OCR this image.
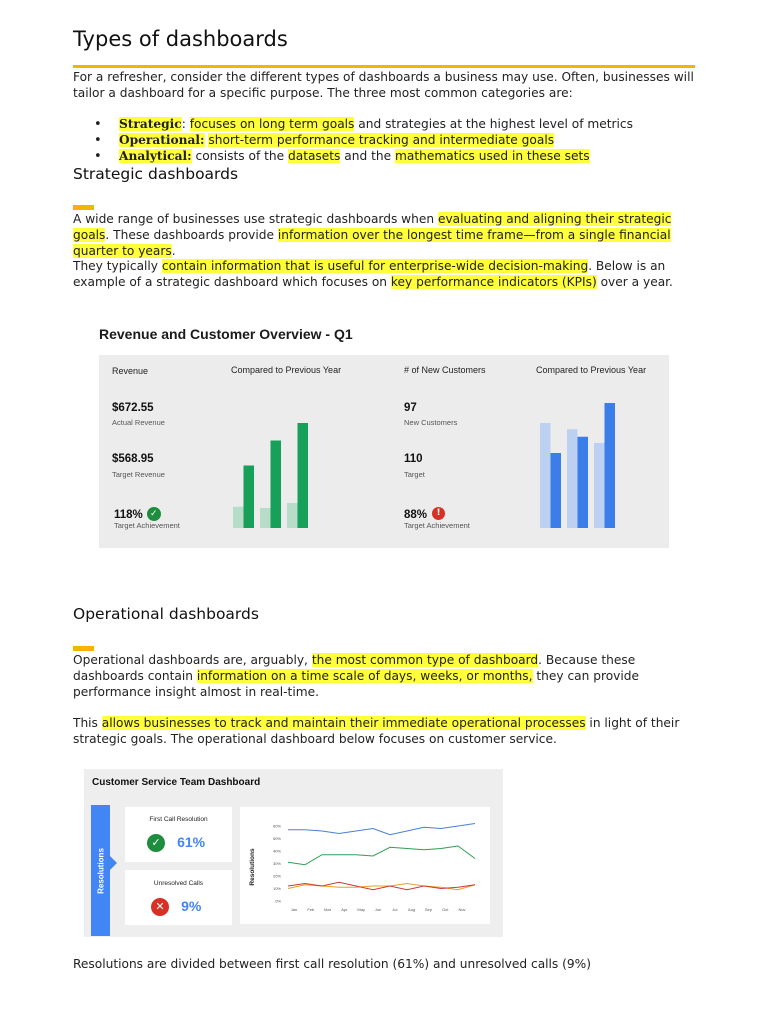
Types of dashboards
For a refresher, consider the different types of dashboards a business may use. Often, businesses will tailor a dashboard for a specific purpose. The three most common categories are:
• Strategic: focuses on long term goals and strategies at the highest level of metrics
• Operational: short-term performance tracking and intermediate goals
• Analytical: consists of the datasets and the mathematics used in these sets
Strategic dashboards
A wide range of businesses use strategic dashboards when evaluating and aligning their strategic goals. These dashboards provide information over the longest time frame—from a single financial quarter to years.
They typically contain information that is useful for enterprise-wide decision-making. Below is an example of a strategic dashboard which focuses on key performance indicators (KPIs) over a year.
Revenue and Customer Overview - Q1
Revenue	Compared to Previous Year	# of New Customers	Compared to Previous Year
$672.55
Actual Revenue
$568.95
Target Revenue
118% ✓
Target Achievement
97
New Customers
110
Target
88% !
Target Achievement
Operational dashboards
Operational dashboards are, arguably, the most common type of dashboard. Because these dashboards contain information on a time scale of days, weeks, or months, they can provide performance insight almost in real-time.
This allows businesses to track and maintain their immediate operational processes in light of their strategic goals. The operational dashboard below focuses on customer service.
Customer Service Team Dashboard
Resolutions
First Call Resolution
✓ 61%
Unresolved Calls
✕ 9%
Resolutions
60%
50%
40%
30%
20%
10%
0%
Jan	Feb Mar	Apr May Jun	Jul	Aug Sep	Oct	Nov
Resolutions are divided between first call resolution (61%) and unresolved calls (9%)
